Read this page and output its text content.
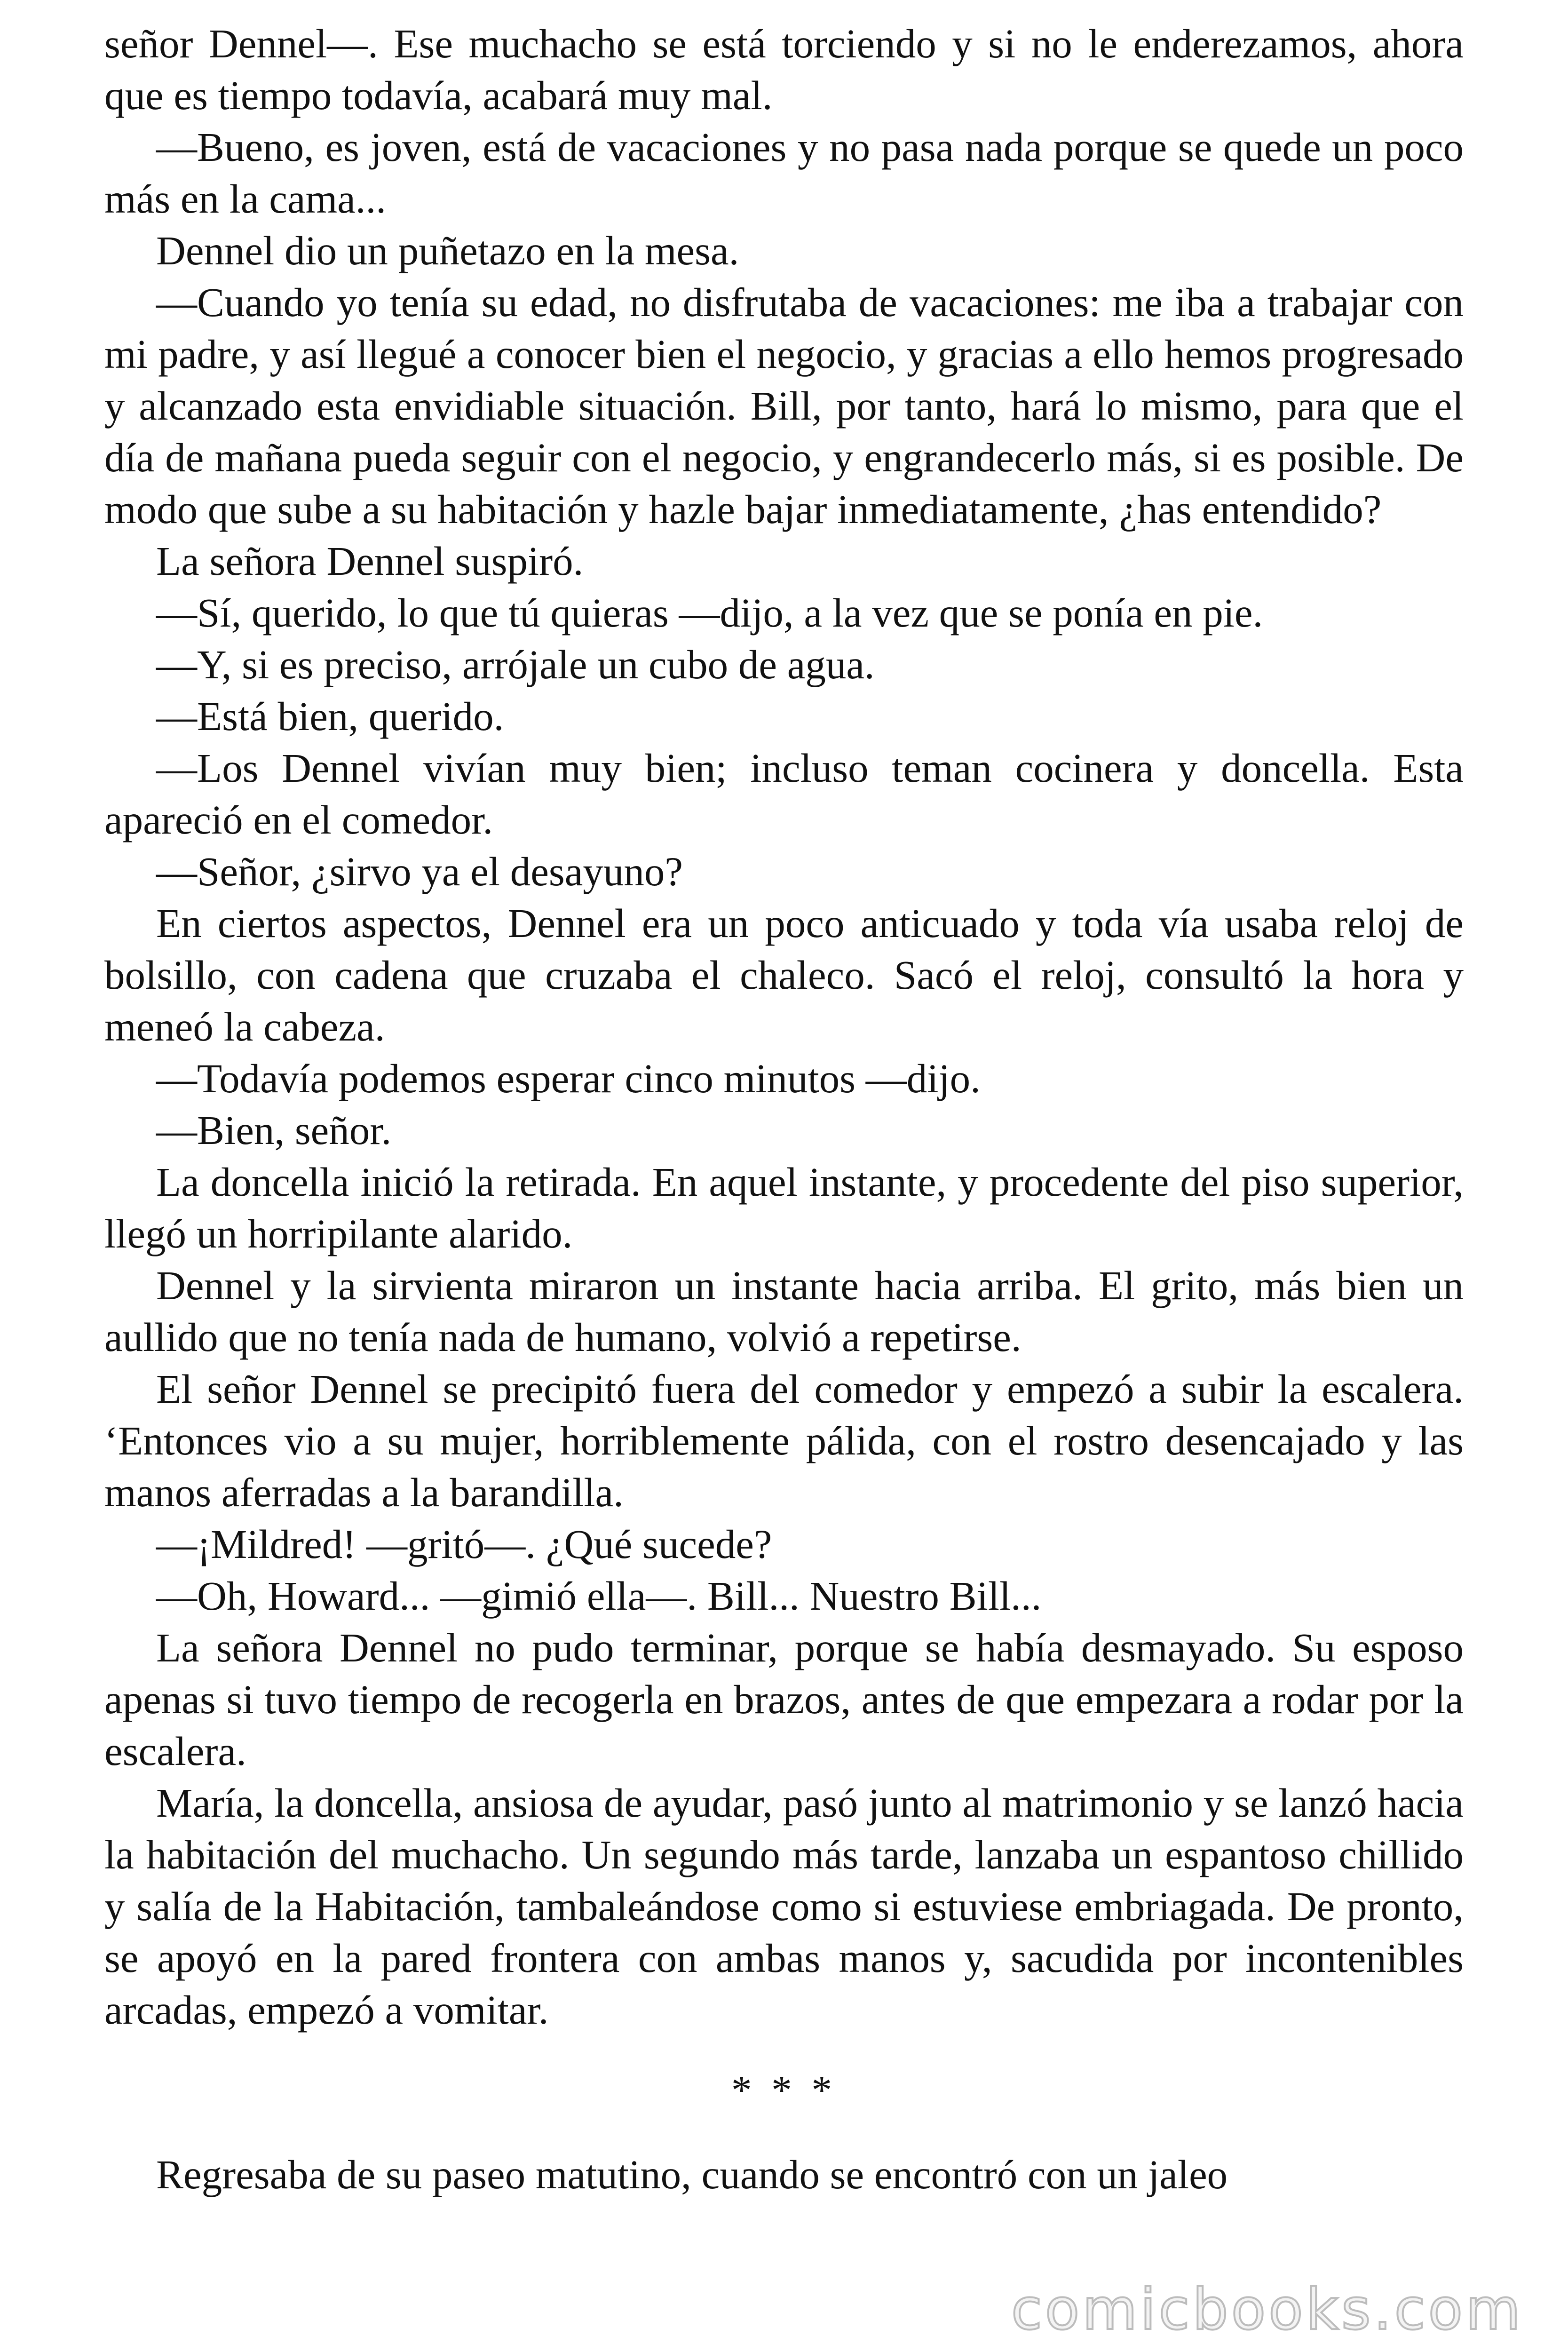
señor Dennel—. Ese muchacho se está torciendo y si no le enderezamos, ahora que es tiempo todavía, acabará muy mal.

—Bueno, es joven, está de vacaciones y no pasa nada porque se quede un poco más en la cama...

Dennel dio un puñetazo en la mesa.

—Cuando yo tenía su edad, no disfrutaba de vacaciones: me iba a trabajar con mi padre, y así llegué a conocer bien el negocio, y gracias a ello hemos progresado y alcanzado esta envidiable situación. Bill, por tanto, hará lo mismo, para que el día de mañana pueda seguir con el negocio, y engrandecerlo más, si es posible. De modo que sube a su habitación y hazle bajar inmediatamente, ¿has entendido?

La señora Dennel suspiró.

—Sí, querido, lo que tú quieras —dijo, a la vez que se ponía en pie.

—Y, si es preciso, arrójale un cubo de agua.

—Está bien, querido.

—Los Dennel vivían muy bien; incluso teman cocinera y doncella. Esta apareció en el comedor.

—Señor, ¿sirvo ya el desayuno?

En ciertos aspectos, Dennel era un poco anticuado y toda vía usaba reloj de bolsillo, con cadena que cruzaba el chaleco. Sacó el reloj, consultó la hora y meneó la cabeza.

—Todavía podemos esperar cinco minutos —dijo.

—Bien, señor.

La doncella inició la retirada. En aquel instante, y procedente del piso superior, llegó un horripilante alarido.

Dennel y la sirvienta miraron un instante hacia arriba. El grito, más bien un aullido que no tenía nada de humano, volvió a repetirse.

El señor Dennel se precipitó fuera del comedor y empezó a subir la escalera. ‘Entonces vio a su mujer, horriblemente pálida, con el rostro desencajado y las manos aferradas a la barandilla.

—¡Mildred! —gritó—. ¿Qué sucede?

—Oh, Howard... —gimió ella—. Bill... Nuestro Bill...

La señora Dennel no pudo terminar, porque se había desmayado. Su esposo apenas si tuvo tiempo de recogerla en brazos, antes de que empezara a rodar por la escalera.

María, la doncella, ansiosa de ayudar, pasó junto al matrimonio y se lanzó hacia la habitación del muchacho. Un segundo más tarde, lanzaba un espantoso chillido y salía de la Habitación, tambaleándose como si estuviese embriagada. De pronto, se apoyó en la pared frontera con ambas manos y, sacudida por incontenibles arcadas, empezó a vomitar.

* * *

Regresaba de su paseo matutino, cuando se encontró con un jaleo

comicbooks.com
